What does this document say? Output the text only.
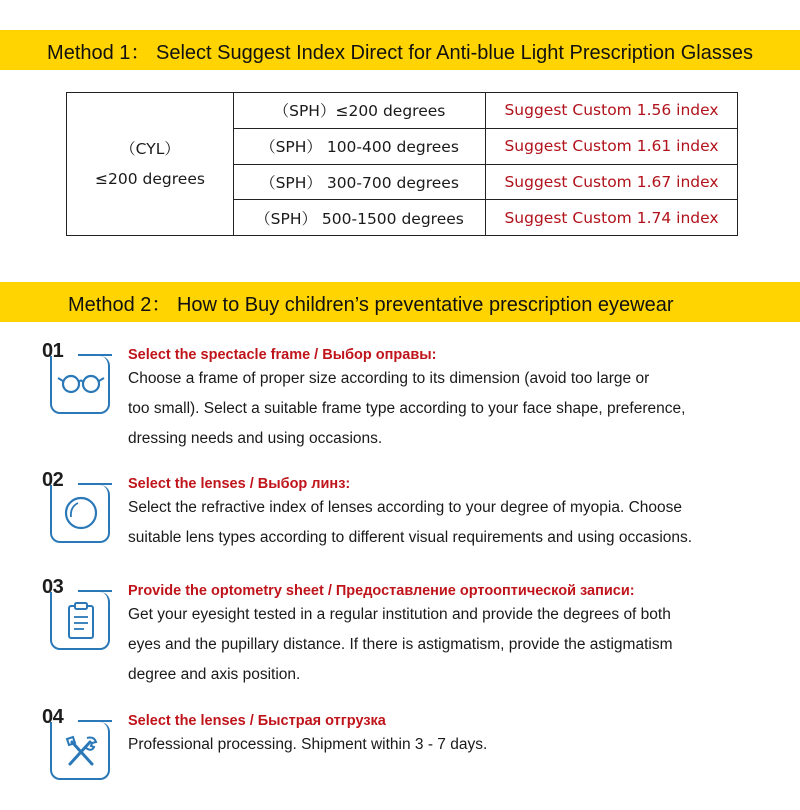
Method 1： Select Suggest Index Direct for Anti-blue Light Prescription Glasses
（CYL）
≤200 degrees	（SPH）≤200 degrees	Suggest Custom 1.56 index
	（SPH） 100-400 degrees	Suggest Custom 1.61 index
	（SPH） 300-700 degrees	Suggest Custom 1.67 index
	（SPH） 500-1500 degrees	Suggest Custom 1.74 index
Method 2： How to Buy children’s preventative prescription eyewear
01	Select the spectacle frame / Выбор оправы:
Choose a frame of proper size according to its dimension (avoid too large or
too small). Select a suitable frame type according to your face shape, preference,
dressing needs and using occasions.
02	Select the lenses / Выбор линз:
Select the refractive index of lenses according to your degree of myopia. Choose
suitable lens types according to different visual requirements and using occasions.
03	Provide the optometry sheet / Предоставление ортооптической записи:
Get your eyesight tested in a regular institution and provide the degrees of both
eyes and the pupillary distance. If there is astigmatism, provide the astigmatism
degree and axis position.
04	Select the lenses / Быстрая отгрузка
Professional processing. Shipment within 3 - 7 days.
